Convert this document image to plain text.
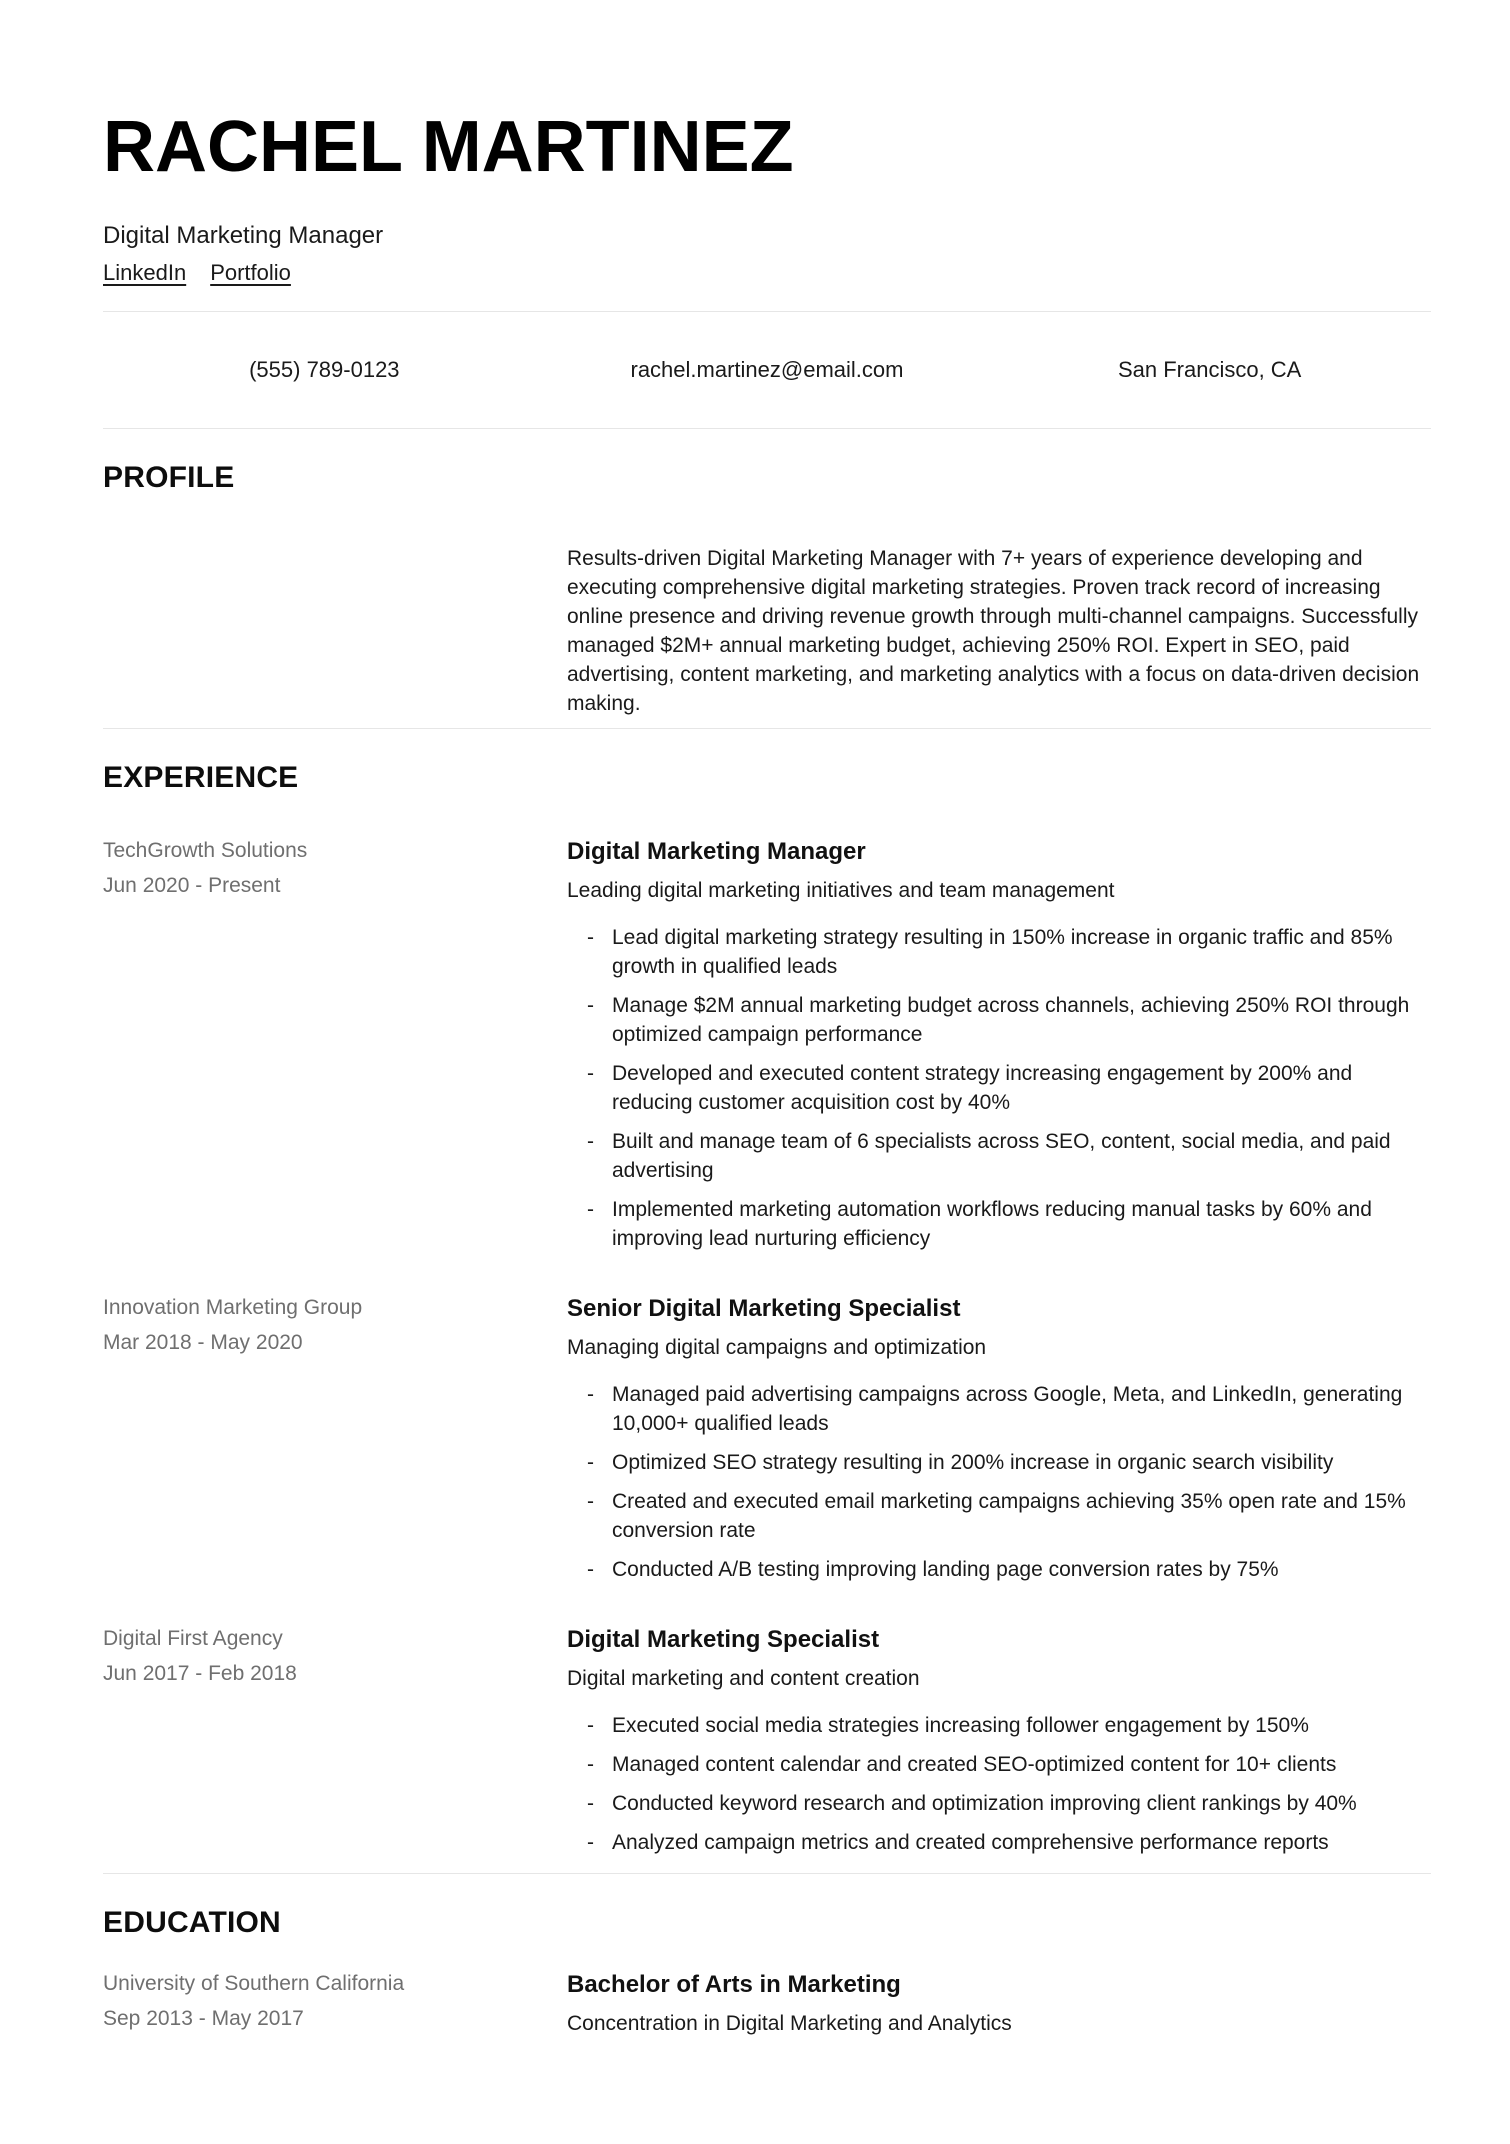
RACHEL MARTINEZ
Digital Marketing Manager
LinkedIn Portfolio
(555) 789-0123	rachel.martinez@email.com	San Francisco, CA
PROFILE
Results-driven Digital Marketing Manager with 7+ years of experience developing and executing comprehensive digital marketing strategies. Proven track record of increasing online presence and driving revenue growth through multi-channel campaigns. Successfully managed $2M+ annual marketing budget, achieving 250% ROI. Expert in SEO, paid advertising, content marketing, and marketing analytics with a focus on data-driven decision making.
EXPERIENCE
TechGrowth Solutions
Jun 2020 - Present
Digital Marketing Manager
Leading digital marketing initiatives and team management
- Lead digital marketing strategy resulting in 150% increase in organic traffic and 85% growth in qualified leads
- Manage $2M annual marketing budget across channels, achieving 250% ROI through optimized campaign performance
- Developed and executed content strategy increasing engagement by 200% and reducing customer acquisition cost by 40%
- Built and manage team of 6 specialists across SEO, content, social media, and paid advertising
- Implemented marketing automation workflows reducing manual tasks by 60% and improving lead nurturing efficiency
Innovation Marketing Group
Mar 2018 - May 2020
Senior Digital Marketing Specialist
Managing digital campaigns and optimization
- Managed paid advertising campaigns across Google, Meta, and LinkedIn, generating 10,000+ qualified leads
- Optimized SEO strategy resulting in 200% increase in organic search visibility
- Created and executed email marketing campaigns achieving 35% open rate and 15% conversion rate
- Conducted A/B testing improving landing page conversion rates by 75%
Digital First Agency
Jun 2017 - Feb 2018
Digital Marketing Specialist
Digital marketing and content creation
- Executed social media strategies increasing follower engagement by 150%
- Managed content calendar and created SEO-optimized content for 10+ clients
- Conducted keyword research and optimization improving client rankings by 40%
- Analyzed campaign metrics and created comprehensive performance reports
EDUCATION
University of Southern California
Sep 2013 - May 2017
Bachelor of Arts in Marketing
Concentration in Digital Marketing and Analytics
